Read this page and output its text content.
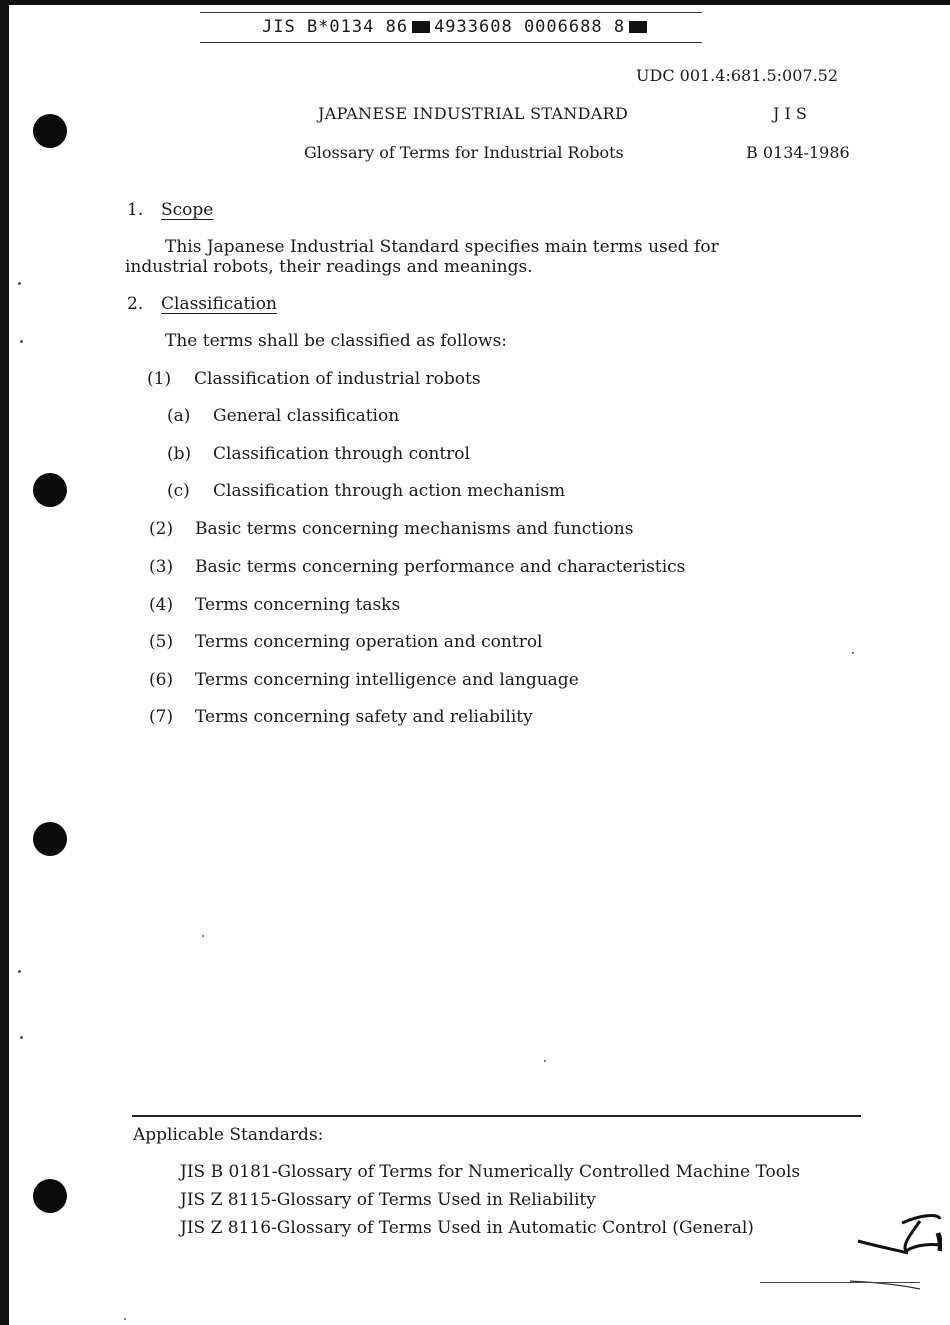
JIS B*0134 86 4933608 0006688 8
UDC 001.4:681.5:007.52
JAPANESE INDUSTRIAL STANDARD	J I S
Glossary of Terms for Industrial Robots	B 0134-1986
1. Scope
This Japanese Industrial Standard specifies main terms used for
industrial robots, their readings and meanings.
2. Classification
The terms shall be classified as follows:
(1) Classification of industrial robots
(a) General classification
(b) Classification through control
(c) Classification through action mechanism
(2) Basic terms concerning mechanisms and functions
(3) Basic terms concerning performance and characteristics
(4) Terms concerning tasks
(5) Terms concerning operation and control
(6) Terms concerning intelligence and language
(7) Terms concerning safety and reliability
Applicable Standards:
JIS B 0181-Glossary of Terms for Numerically Controlled Machine Tools
JIS Z 8115-Glossary of Terms Used in Reliability
JIS Z 8116-Glossary of Terms Used in Automatic Control (General)
